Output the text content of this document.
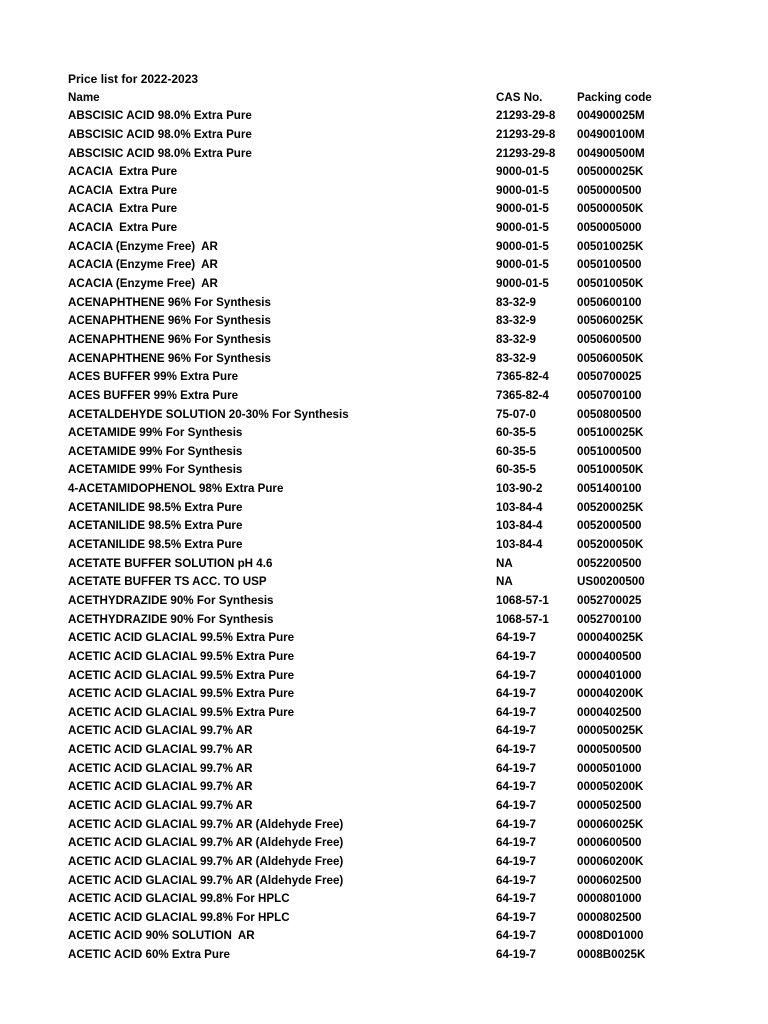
Price list for 2022-2023
Name	CAS No.	Packing code
ABSCISIC ACID 98.0% Extra Pure	21293-29-8	004900025M
ABSCISIC ACID 98.0% Extra Pure	21293-29-8	004900100M
ABSCISIC ACID 98.0% Extra Pure	21293-29-8	004900500M
ACACIA  Extra Pure	9000-01-5	005000025K
ACACIA  Extra Pure	9000-01-5	0050000500
ACACIA  Extra Pure	9000-01-5	005000050K
ACACIA  Extra Pure	9000-01-5	0050005000
ACACIA (Enzyme Free)  AR	9000-01-5	005010025K
ACACIA (Enzyme Free)  AR	9000-01-5	0050100500
ACACIA (Enzyme Free)  AR	9000-01-5	005010050K
ACENAPHTHENE 96% For Synthesis	83-32-9	0050600100
ACENAPHTHENE 96% For Synthesis	83-32-9	005060025K
ACENAPHTHENE 96% For Synthesis	83-32-9	0050600500
ACENAPHTHENE 96% For Synthesis	83-32-9	005060050K
ACES BUFFER 99% Extra Pure	7365-82-4	0050700025
ACES BUFFER 99% Extra Pure	7365-82-4	0050700100
ACETALDEHYDE SOLUTION 20-30% For Synthesis	75-07-0	0050800500
ACETAMIDE 99% For Synthesis	60-35-5	005100025K
ACETAMIDE 99% For Synthesis	60-35-5	0051000500
ACETAMIDE 99% For Synthesis	60-35-5	005100050K
4-ACETAMIDOPHENOL 98% Extra Pure	103-90-2	0051400100
ACETANILIDE 98.5% Extra Pure	103-84-4	005200025K
ACETANILIDE 98.5% Extra Pure	103-84-4	0052000500
ACETANILIDE 98.5% Extra Pure	103-84-4	005200050K
ACETATE BUFFER SOLUTION pH 4.6	NA	0052200500
ACETATE BUFFER TS ACC. TO USP	NA	US00200500
ACETHYDRAZIDE 90% For Synthesis	1068-57-1	0052700025
ACETHYDRAZIDE 90% For Synthesis	1068-57-1	0052700100
ACETIC ACID GLACIAL 99.5% Extra Pure	64-19-7	000040025K
ACETIC ACID GLACIAL 99.5% Extra Pure	64-19-7	0000400500
ACETIC ACID GLACIAL 99.5% Extra Pure	64-19-7	0000401000
ACETIC ACID GLACIAL 99.5% Extra Pure	64-19-7	000040200K
ACETIC ACID GLACIAL 99.5% Extra Pure	64-19-7	0000402500
ACETIC ACID GLACIAL 99.7% AR	64-19-7	000050025K
ACETIC ACID GLACIAL 99.7% AR	64-19-7	0000500500
ACETIC ACID GLACIAL 99.7% AR	64-19-7	0000501000
ACETIC ACID GLACIAL 99.7% AR	64-19-7	000050200K
ACETIC ACID GLACIAL 99.7% AR	64-19-7	0000502500
ACETIC ACID GLACIAL 99.7% AR (Aldehyde Free)	64-19-7	000060025K
ACETIC ACID GLACIAL 99.7% AR (Aldehyde Free)	64-19-7	0000600500
ACETIC ACID GLACIAL 99.7% AR (Aldehyde Free)	64-19-7	000060200K
ACETIC ACID GLACIAL 99.7% AR (Aldehyde Free)	64-19-7	0000602500
ACETIC ACID GLACIAL 99.8% For HPLC	64-19-7	0000801000
ACETIC ACID GLACIAL 99.8% For HPLC	64-19-7	0000802500
ACETIC ACID 90% SOLUTION  AR	64-19-7	0008D01000
ACETIC ACID 60% Extra Pure	64-19-7	0008B0025K
